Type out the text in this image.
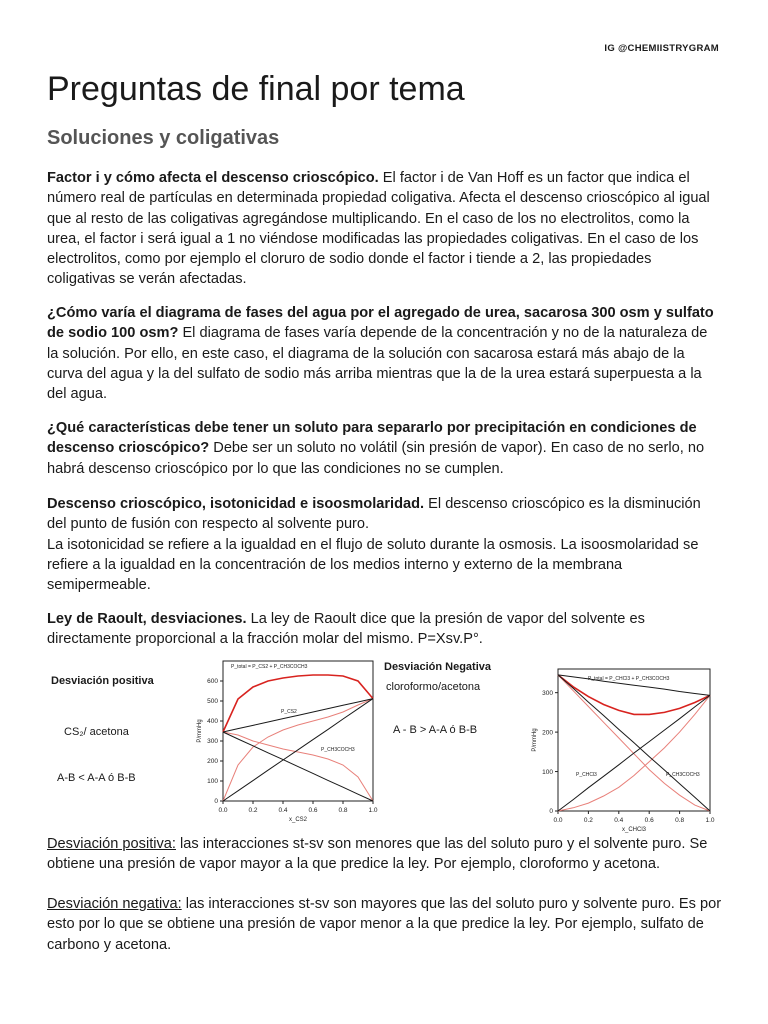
IG @CHEMIISTRYGRAM
Preguntas de final por tema
Soluciones y coligativas

Factor i y cómo afecta el descenso crioscópico. El factor i de Van Hoff es un factor que indica el número real de partículas en determinada propiedad coligativa. Afecta el descenso crioscópico al igual que al resto de las coligativas agregándose multiplicando. En el caso de los no electrolitos, como la urea, el factor i será igual a 1 no viéndose modificadas las propiedades coligativas. En el caso de los electrolitos, como por ejemplo el cloruro de sodio donde el factor i tiende a 2, las propiedades coligativas se verán afectadas.

¿Cómo varía el diagrama de fases del agua por el agregado de urea, sacarosa 300 osm y sulfato de sodio 100 osm? El diagrama de fases varía depende de la concentración y no de la naturaleza de la solución. Por ello, en este caso, el diagrama de la solución con sacarosa estará más abajo de la curva del agua y la del sulfato de sodio más arriba mientras que la de la urea estará superpuesta a la del agua.

¿Qué características debe tener un soluto para separarlo por precipitación en condiciones de descenso crioscópico? Debe ser un soluto no volátil (sin presión de vapor). En caso de no serlo, no habrá descenso crioscópico por lo que las condiciones no se cumplen.

Descenso crioscópico, isotonicidad e isoosmolaridad. El descenso crioscópico es la disminución del punto de fusión con respecto al solvente puro.
La isotonicidad se refiere a la igualdad en el flujo de soluto durante la osmosis. La isoosmolaridad se refiere a la igualdad en la concentración de los medios interno y externo de la membrana semipermeable.

Ley de Raoult, desviaciones. La ley de Raoult dice que la presión de vapor del solvente es directamente proporcional a la fracción molar del mismo. P=Xsv.P°.

Desviación positiva
CS₂/ acetona
A-B < A-A ó B-B
Desviación Negativa
cloroformo/acetona
A - B > A-A ó B-B
0.0	0.2	0.4	0.6	0.8	1.0
0
100
200
300
400
500
600
x_CS2
P/mmHg
P_total = P_CS2 + P_CH3COCH3
P_CS2
P_CH3COCH3
0.0	0.2	0.4	0.6	0.8	1.0
0
100
200
300
x_CHCl3
P/mmHg
P_total = P_CHCl3 + P_CH3COCH3
P_CHCl3	P_CH3COCH3

Desviación positiva: las interacciones st-sv son menores que las del soluto puro y el solvente puro. Se obtiene una presión de vapor mayor a la que predice la ley. Por ejemplo, cloroformo y acetona.

Desviación negativa: las interacciones st-sv son mayores que las del soluto puro y solvente puro. Es por esto por lo que se obtiene una presión de vapor menor a la que predice la ley. Por ejemplo, sulfato de carbono y acetona.
